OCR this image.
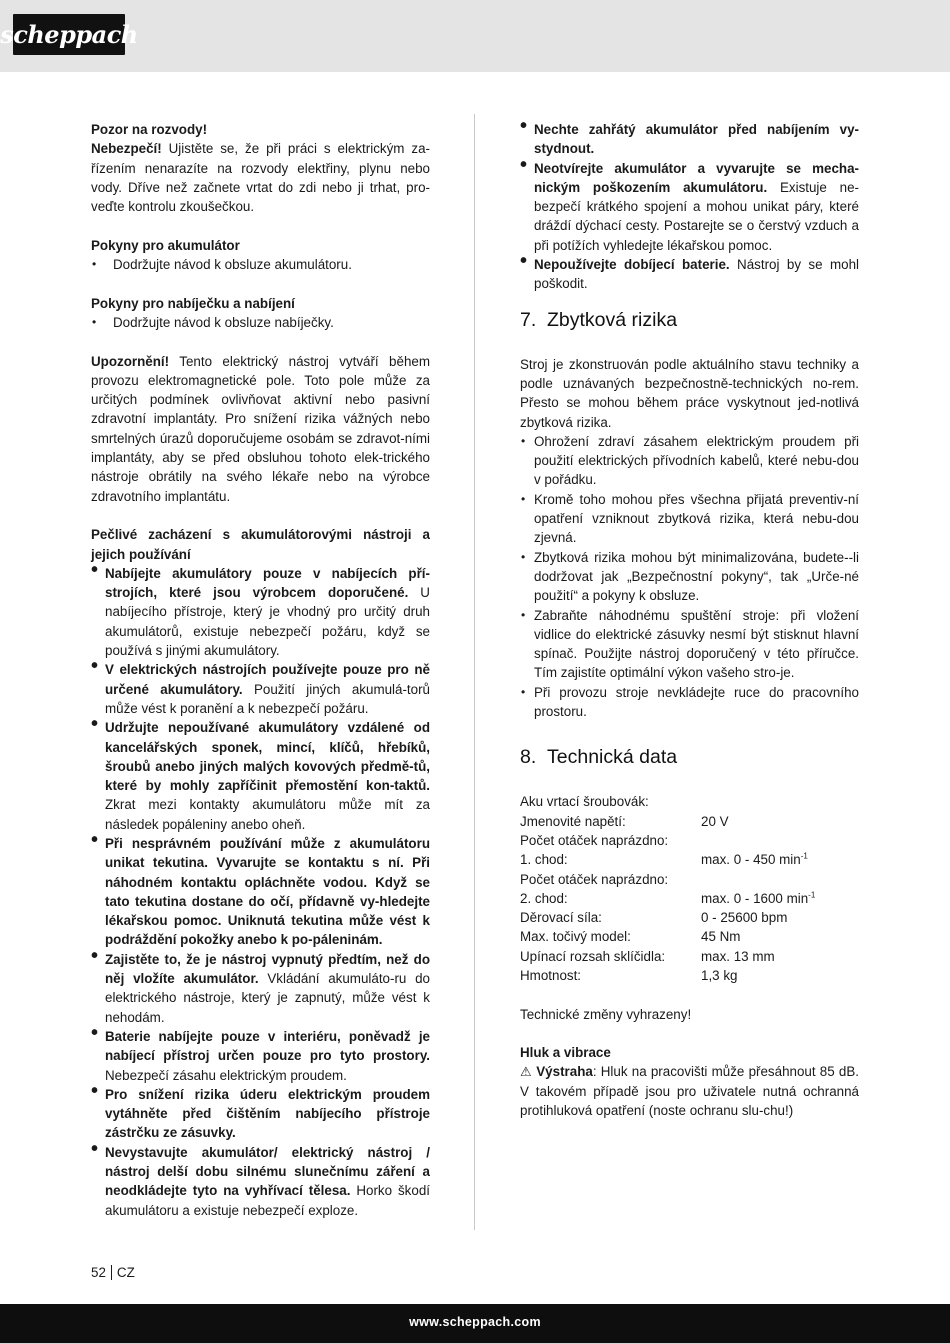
scheppach

Pozor na rozvody!

Nebezpečí! Ujistěte se, že při práci s elektrickým za-řízením nenarazíte na rozvody elektřiny, plynu nebo vody. Dříve než začnete vrtat do zdi nebo ji trhat, pro-veďte kontrolu zkoušečkou.

Pokyny pro akumulátor

• Dodržujte návod k obsluze akumulátoru.

Pokyny pro nabíječku a nabíjení

• Dodržujte návod k obsluze nabíječky.

Upozornění! Tento elektrický nástroj vytváří během provozu elektromagnetické pole. Toto pole může za určitých podmínek ovlivňovat aktivní nebo pasivní zdravotní implantáty. Pro snížení rizika vážných nebo smrtelných úrazů doporučujeme osobám se zdravot-ními implantáty, aby se před obsluhou tohoto elek-trického nástroje obrátily na svého lékaře nebo na výrobce zdravotního implantátu.

Pečlivé zacházení s akumulátorovými nástroji a jejich používání

• Nabíjejte akumulátory pouze v nabíjecích pří-strojích, které jsou výrobcem doporučené. U nabíjecího přístroje, který je vhodný pro určitý druh akumulátorů, existuje nebezpečí požáru, když se používá s jinými akumulátory.
• V elektrických nástrojích používejte pouze pro ně určené akumulátory. Použití jiných akumulá-torů může vést k poranění a k nebezpečí požáru.
• Udržujte nepoužívané akumulátory vzdálené od kancelářských sponek, mincí, klíčů, hřebíků, šroubů anebo jiných malých kovových předmě-tů, které by mohly zapříčinit přemostění kon-taktů. Zkrat mezi kontakty akumulátoru může mít za následek popáleniny anebo oheň.
• Při nesprávném používání může z akumulátoru unikat tekutina. Vyvarujte se kontaktu s ní. Při náhodném kontaktu opláchněte vodou. Když se tato tekutina dostane do očí, přídavně vy-hledejte lékařskou pomoc. Uniknutá tekutina může vést k podráždění pokožky anebo k po-páleninám.
• Zajistěte to, že je nástroj vypnutý předtím, než do něj vložíte akumulátor. Vkládání akumuláto-ru do elektrického nástroje, který je zapnutý, může vést k nehodám.
• Baterie nabíjejte pouze v interiéru, poněvadž je nabíjecí přístroj určen pouze pro tyto prostory. Nebezpečí zásahu elektrickým proudem.
• Pro snížení rizika úderu elektrickým proudem vytáhněte před čištěním nabíjecího přístroje zástrčku ze zásuvky.
• Nevystavujte akumulátor/ elektrický nástroj / nástroj delší dobu silnému slunečnímu záření a neodkládejte tyto na vyhřívací tělesa. Horko škodí akumulátoru a existuje nebezpečí exploze.
• Nechte zahřátý akumulátor před nabíjením vy-stydnout.
• Neotvírejte akumulátor a vyvarujte se mecha-nickým poškozením akumulátoru. Existuje ne-bezpečí krátkého spojení a mohou unikat páry, které dráždí dýchací cesty. Postarejte se o čerstvý vzduch a při potížích vyhledejte lékařskou pomoc.
• Nepoužívejte dobíjecí baterie. Nástroj by se mohl poškodit.
7. Zbytková rizika

Stroj je zkonstruován podle aktuálního stavu techniky a podle uznávaných bezpečnostně-technických no-rem. Přesto se mohou během práce vyskytnout jed-notlivá zbytková rizika.

• Ohrožení zdraví zásahem elektrickým proudem při použití elektrických přívodních kabelů, které nebu-dou v pořádku.
• Kromě toho mohou přes všechna přijatá preventiv-ní opatření vzniknout zbytková rizika, která nebu-dou zjevná.
• Zbytková rizika mohou být minimalizována, budete--li dodržovat jak „Bezpečnostní pokyny“, tak „Urče-né použití“ a pokyny k obsluze.
• Zabraňte náhodnému spuštění stroje: při vložení vidlice do elektrické zásuvky nesmí být stisknut hlavní spínač. Použijte nástroj doporučený v této příručce. Tím zajistíte optimální výkon vašeho stro-je.
• Při provozu stroje nevkládejte ruce do pracovního prostoru.
8. Technická data
Aku vrtací šroubovák:	
Jmenovité napětí:	20 V
Počet otáček naprázdno:	
1. chod:	max. 0 - 450 $\min^{-1}$
Počet otáček naprázdno:	
2. chod:	max. 0 - 1600 $\min^{-1}$
Děrovací síla:	0 - 25600 bpm
Max. točivý model:	45 Nm
Upínací rozsah sklíčidla:	max. 13 mm
Hmotnost:	1,3 kg

Technické změny vyhrazeny!

Hluk a vibrace

⚠ Výstraha: Hluk na pracovišti může přesáhnout 85 dB. V takovém případě jsou pro uživatele nutná ochranná protihluková opatření (noste ochranu slu-chu!)

52 CZ
www.scheppach.com
